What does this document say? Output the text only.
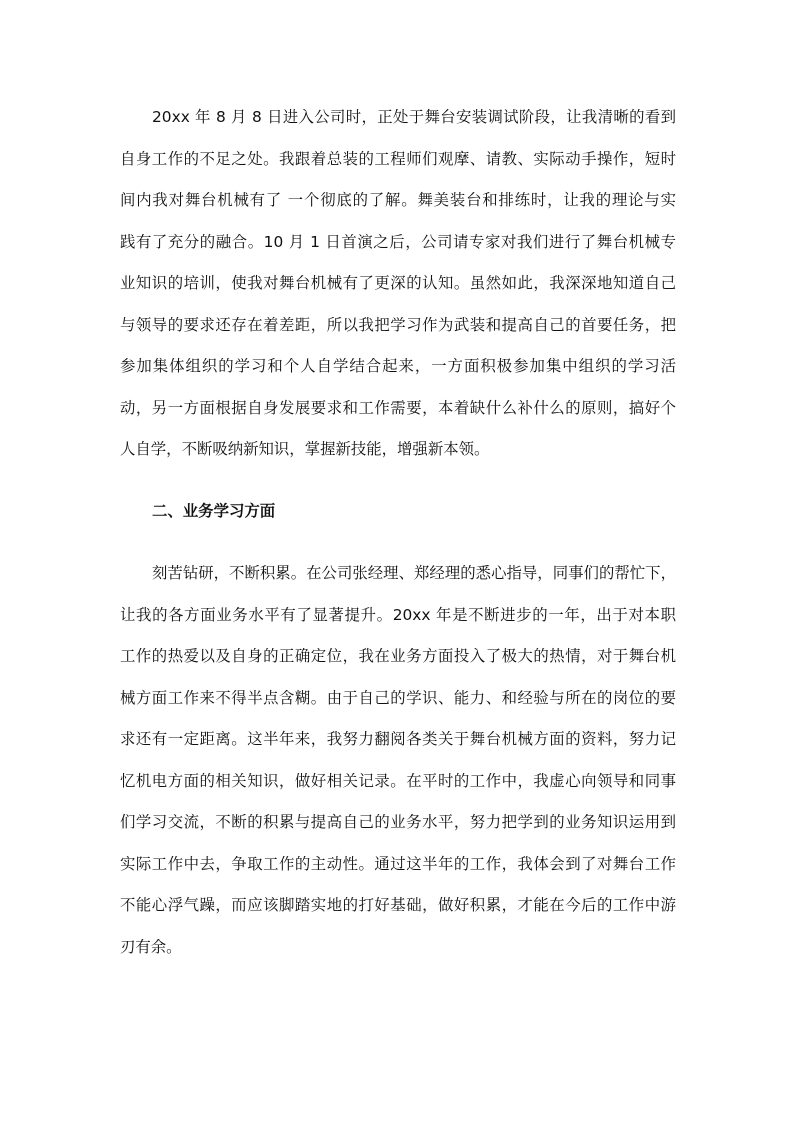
20xx 年 8 月 8 日进入公司时，正处于舞台安装调试阶段，让我清晰的看到
自身工作的不足之处。我跟着总装的工程师们观摩、请教、实际动手操作，短时
间内我对舞台机械有了 一个彻底的了解。舞美装台和排练时，让我的理论与实
践有了充分的融合。10 月 1 日首演之后，公司请专家对我们进行了舞台机械专
业知识的培训，使我对舞台机械有了更深的认知。虽然如此，我深深地知道自己
与领导的要求还存在着差距，所以我把学习作为武装和提高自己的首要任务，把
参加集体组织的学习和个人自学结合起来，一方面积极参加集中组织的学习活
动，另一方面根据自身发展要求和工作需要，本着缺什么补什么的原则，搞好个
人自学，不断吸纳新知识，掌握新技能，增强新本领。
二、业务学习方面
刻苦钻研，不断积累。在公司张经理、郑经理的悉心指导，同事们的帮忙下，
让我的各方面业务水平有了显著提升。20xx 年是不断进步的一年，出于对本职
工作的热爱以及自身的正确定位，我在业务方面投入了极大的热情，对于舞台机
械方面工作来不得半点含糊。由于自己的学识、能力、和经验与所在的岗位的要
求还有一定距离。这半年来，我努力翻阅各类关于舞台机械方面的资料，努力记
忆机电方面的相关知识，做好相关记录。在平时的工作中，我虚心向领导和同事
们学习交流，不断的积累与提高自己的业务水平，努力把学到的业务知识运用到
实际工作中去，争取工作的主动性。通过这半年的工作，我体会到了对舞台工作
不能心浮气躁，而应该脚踏实地的打好基础，做好积累，才能在今后的工作中游
刃有余。
